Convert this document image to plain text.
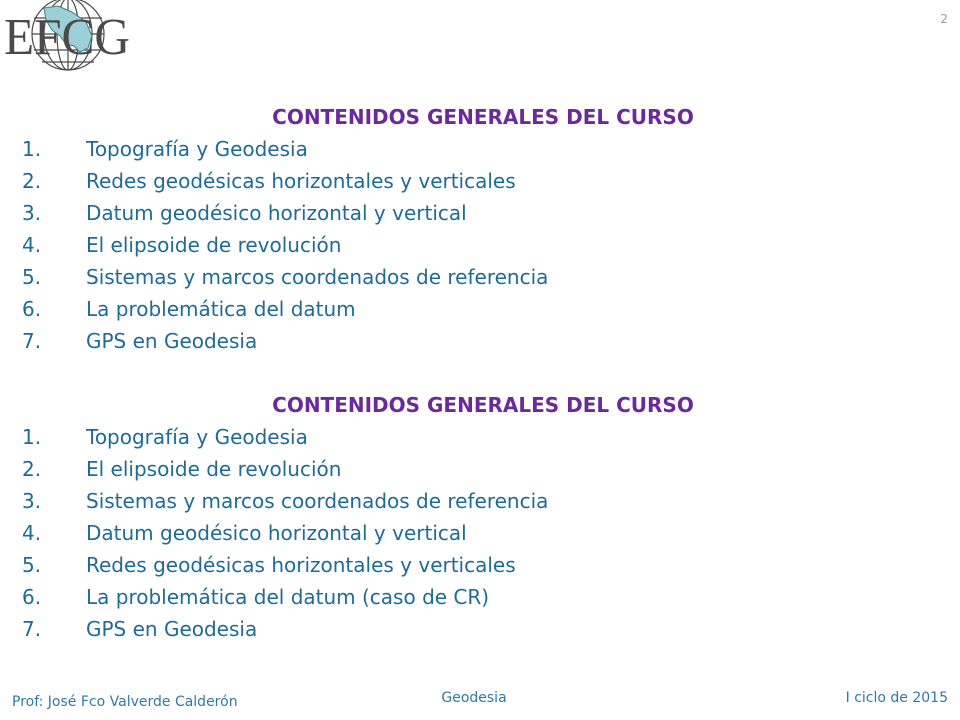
EFCG	2
CONTENIDOS GENERALES DEL CURSO
1. Topografía y Geodesia
2. Redes geodésicas horizontales y verticales
3. Datum geodésico horizontal y vertical
4. El elipsoide de revolución
5. Sistemas y marcos coordenados de referencia
6. La problemática del datum
7. GPS en Geodesia
CONTENIDOS GENERALES DEL CURSO
1. Topografía y Geodesia
2. El elipsoide de revolución
3. Sistemas y marcos coordenados de referencia
4. Datum geodésico horizontal y vertical
5. Redes geodésicas horizontales y verticales
6. La problemática del datum (caso de CR)
7. GPS en Geodesia
Prof: José Fco Valverde Calderón	Geodesia	I ciclo de 2015
